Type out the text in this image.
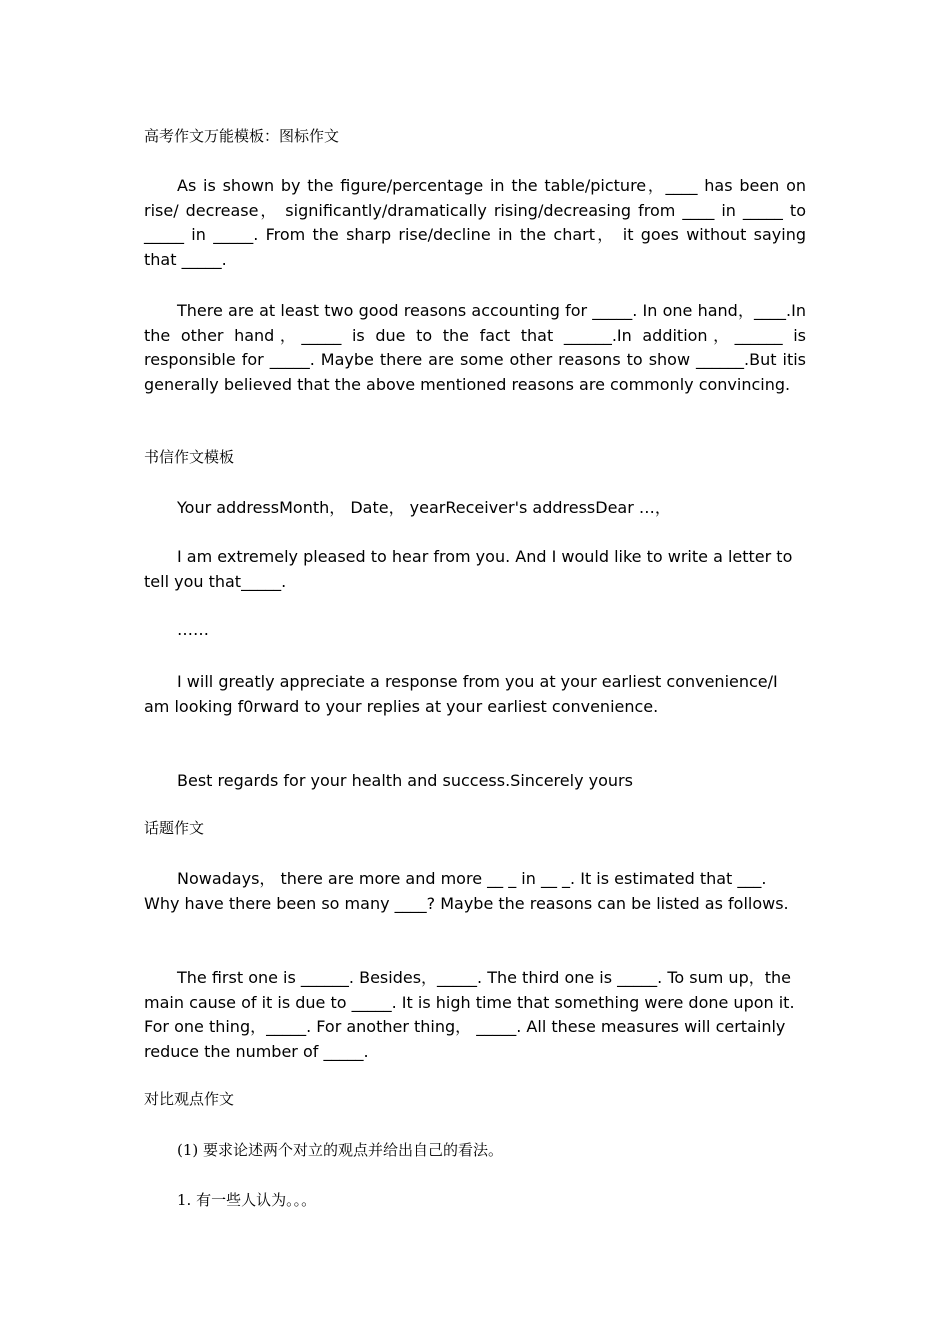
高考作文万能模板：图标作文

As is shown by the figure/percentage in the table/picture，____ has been on rise/ decrease， significantly/dramatically rising/decreasing from ____ in _____ to _____ in _____. From the sharp rise/decline in the chart， it goes without saying that _____.

There are at least two good reasons accounting for _____. In one hand，____.In the other hand，_____ is due to the fact that ______.In addition，______ is responsible for _____. Maybe there are some other reasons to show ______.But itis generally believed that the above mentioned reasons are commonly convincing.

书信作文模板

Your addressMonth， Date， yearReceiver's addressDear …，

I am extremely pleased to hear from you. And I would like to write a letter to tell you that_____.

……

I will greatly appreciate a response from you at your earliest convenience/I am looking f0rward to your replies at your earliest convenience.

Best regards for your health and success.Sincerely yours

话题作文

Nowadays， there are more and more __ _ in __ _. It is estimated that ___. Why have there been so many ____? Maybe the reasons can be listed as follows.

The first one is ______. Besides，_____. The third one is _____. To sum up，the main cause of it is due to _____. It is high time that something were done upon it. For one thing，_____. For another thing， _____. All these measures will certainly reduce the number of _____.

对比观点作文

(1) 要求论述两个对立的观点并给出自己的看法。

1. 有一些人认为。。。
